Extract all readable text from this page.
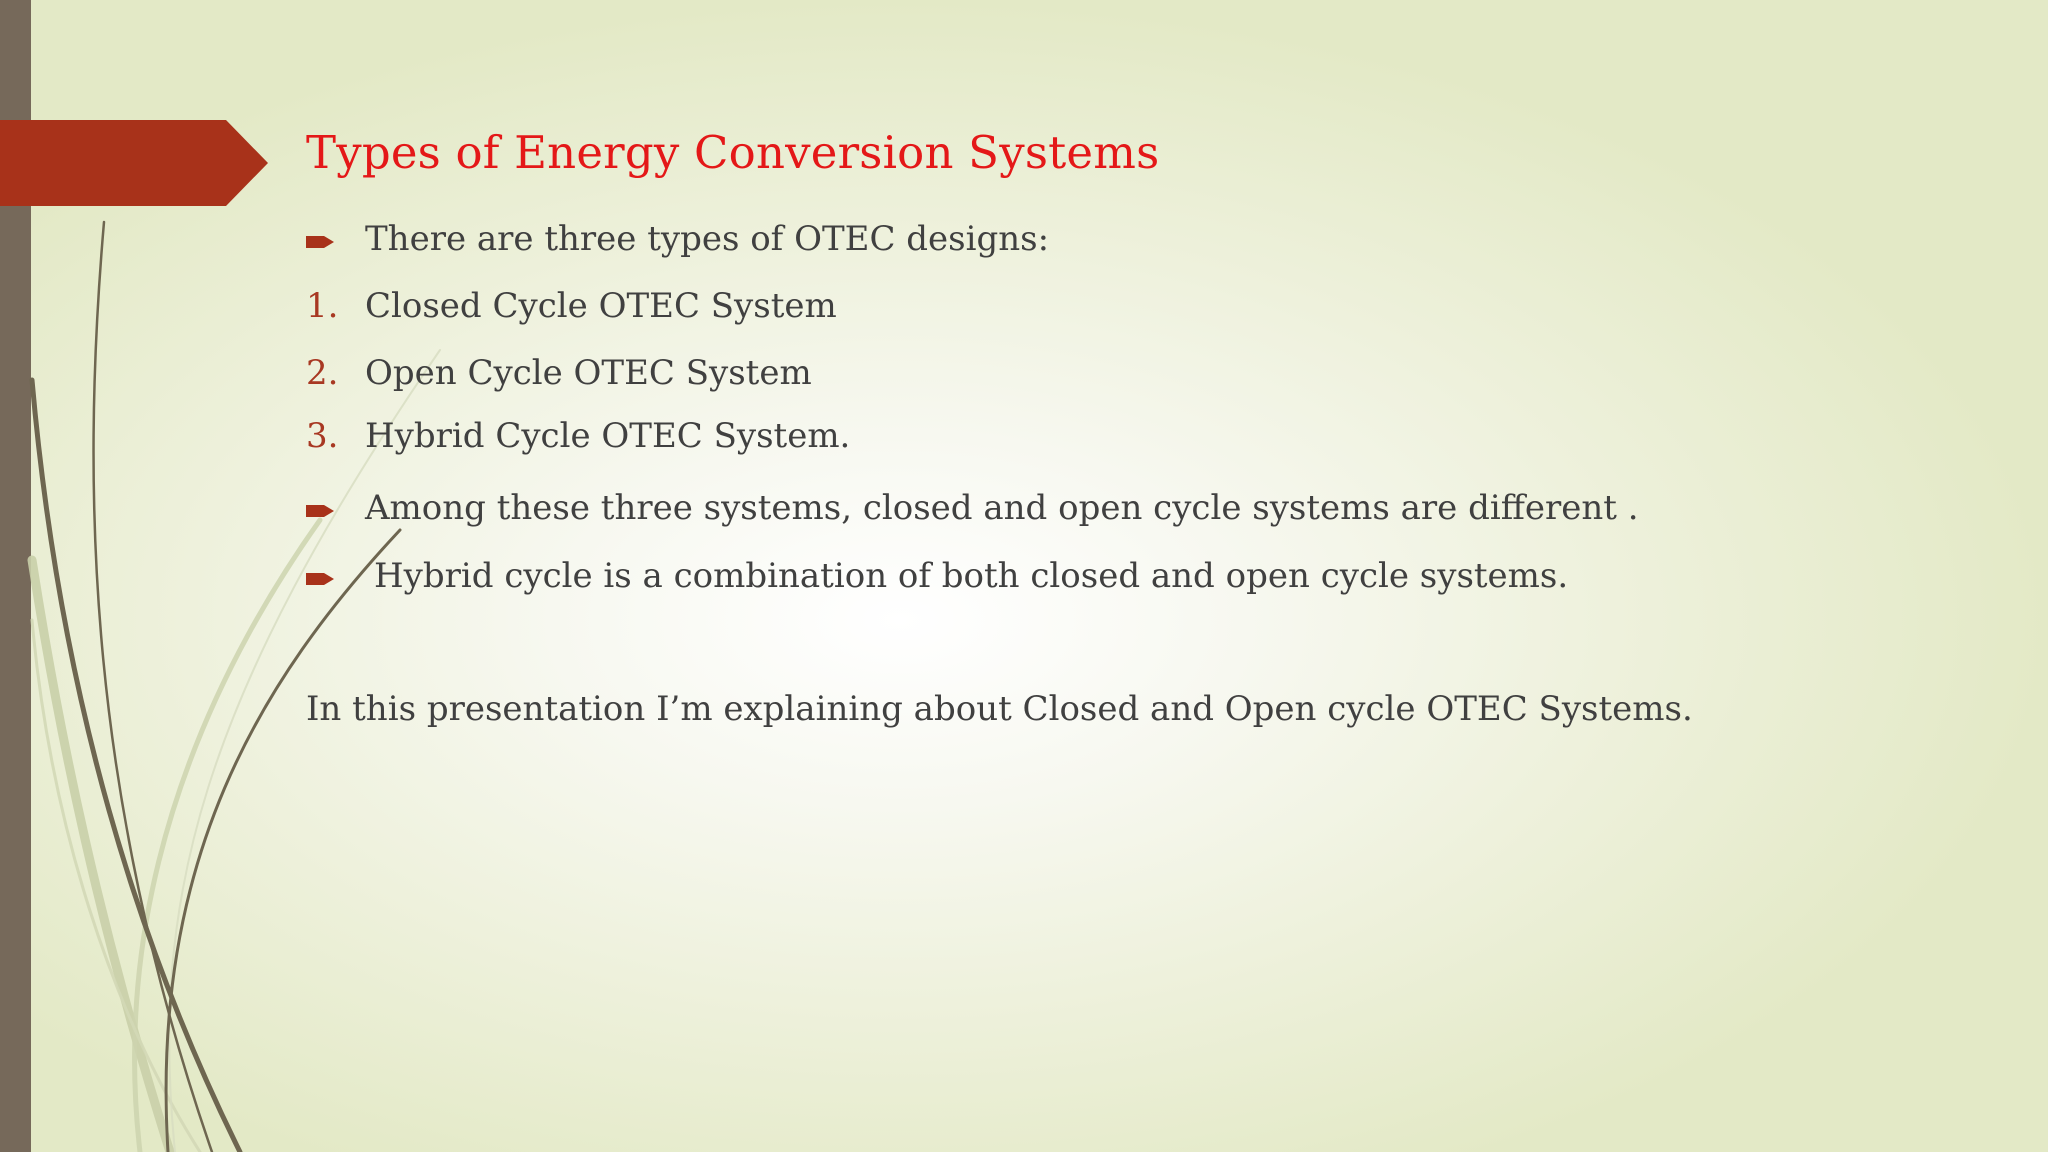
Types of Energy Conversion Systems
There are three types of OTEC designs:
1. Closed Cycle OTEC System
2. Open Cycle OTEC System
3. Hybrid Cycle OTEC System.
Among these three systems, closed and open cycle systems are different .
Hybrid cycle is a combination of both closed and open cycle systems.

In this presentation I’m explaining about Closed and Open cycle OTEC Systems.
